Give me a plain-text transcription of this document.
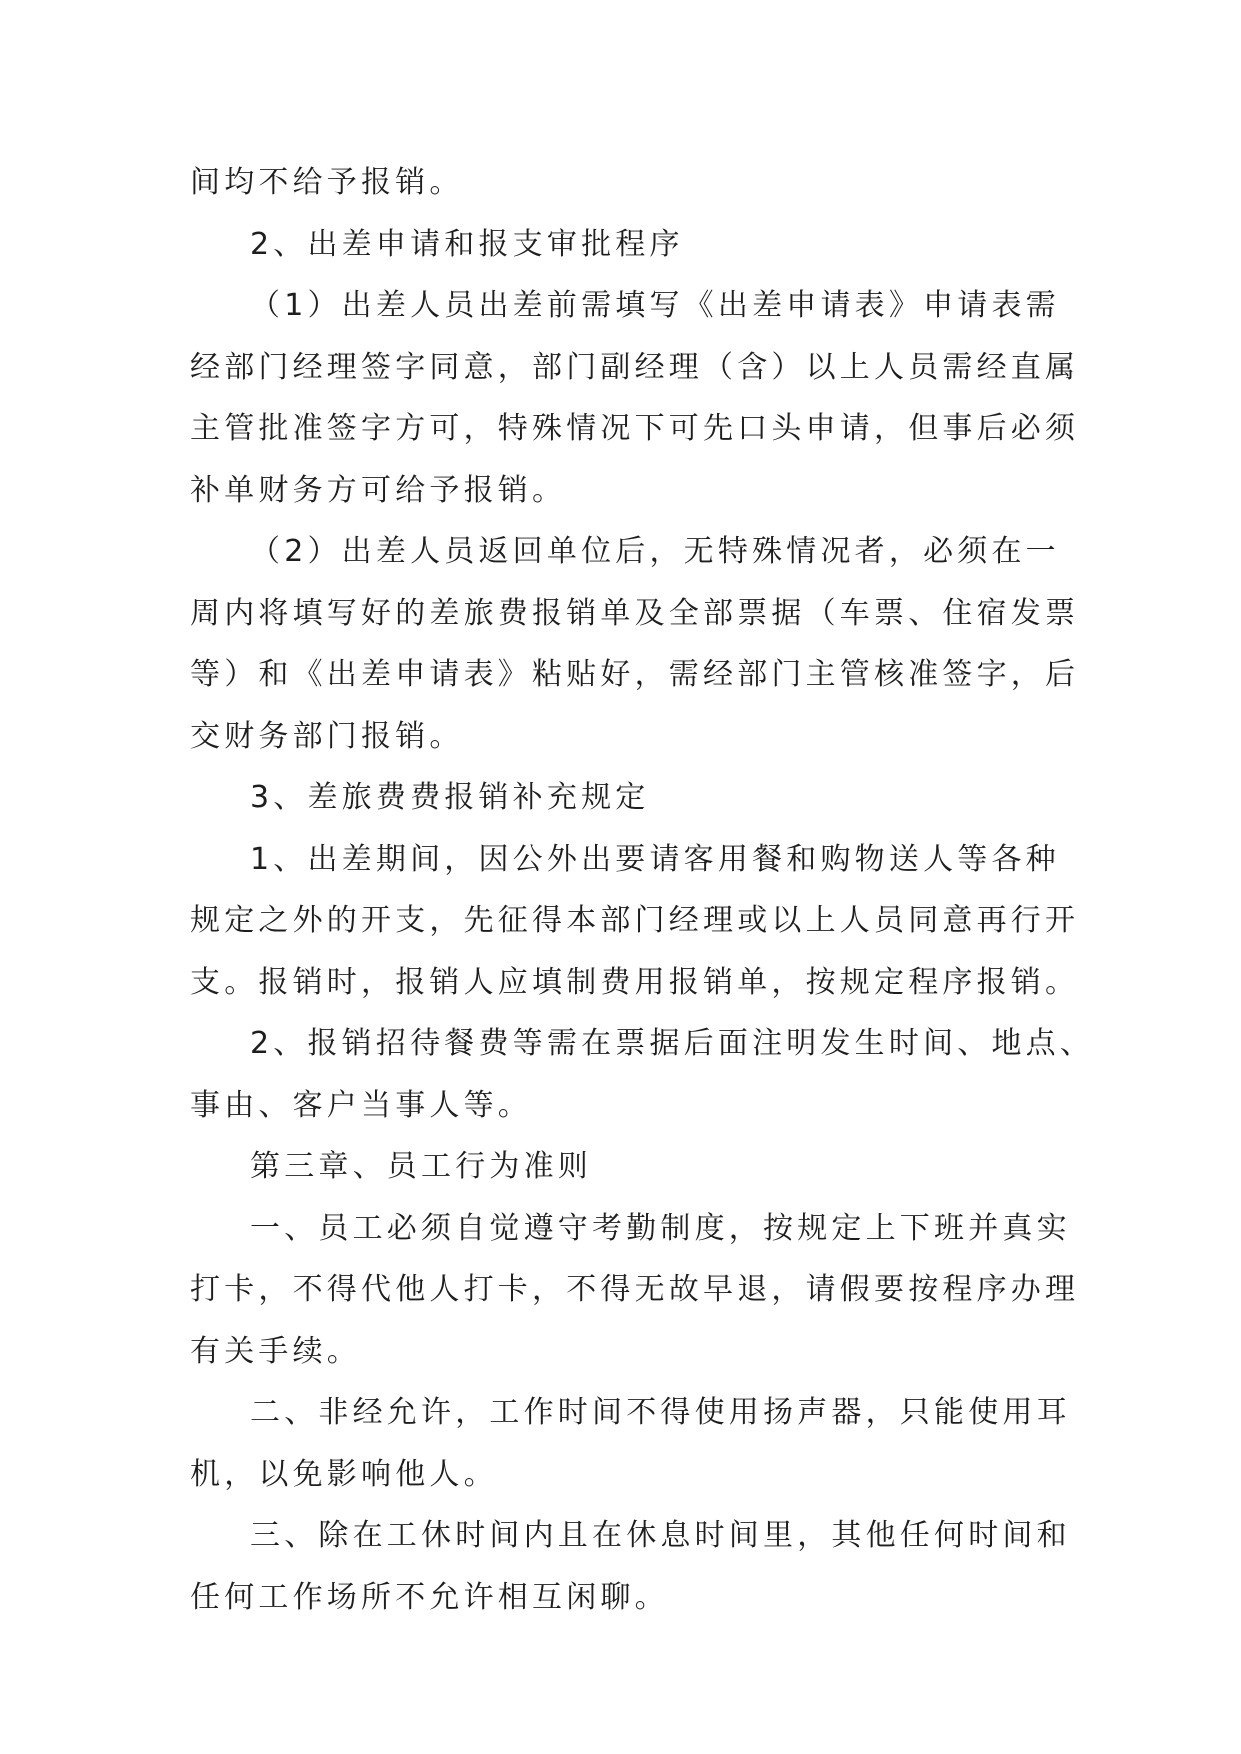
间均不给予报销。
2、出差申请和报支审批程序
（1）出差人员出差前需填写《出差申请表》申请表需
经部门经理签字同意，部门副经理（含）以上人员需经直属
主管批准签字方可，特殊情况下可先口头申请，但事后必须
补单财务方可给予报销。
（2）出差人员返回单位后，无特殊情况者，必须在一
周内将填写好的差旅费报销单及全部票据（车票、住宿发票
等）和《出差申请表》粘贴好，需经部门主管核准签字，后
交财务部门报销。
3、差旅费费报销补充规定
1、出差期间，因公外出要请客用餐和购物送人等各种
规定之外的开支，先征得本部门经理或以上人员同意再行开
支。报销时，报销人应填制费用报销单，按规定程序报销。
2、报销招待餐费等需在票据后面注明发生时间、地点、
事由、客户当事人等。
第三章、员工行为准则
一、员工必须自觉遵守考勤制度，按规定上下班并真实
打卡，不得代他人打卡，不得无故早退，请假要按程序办理
有关手续。
二、非经允许，工作时间不得使用扬声器，只能使用耳
机，以免影响他人。
三、除在工休时间内且在休息时间里，其他任何时间和
任何工作场所不允许相互闲聊。
